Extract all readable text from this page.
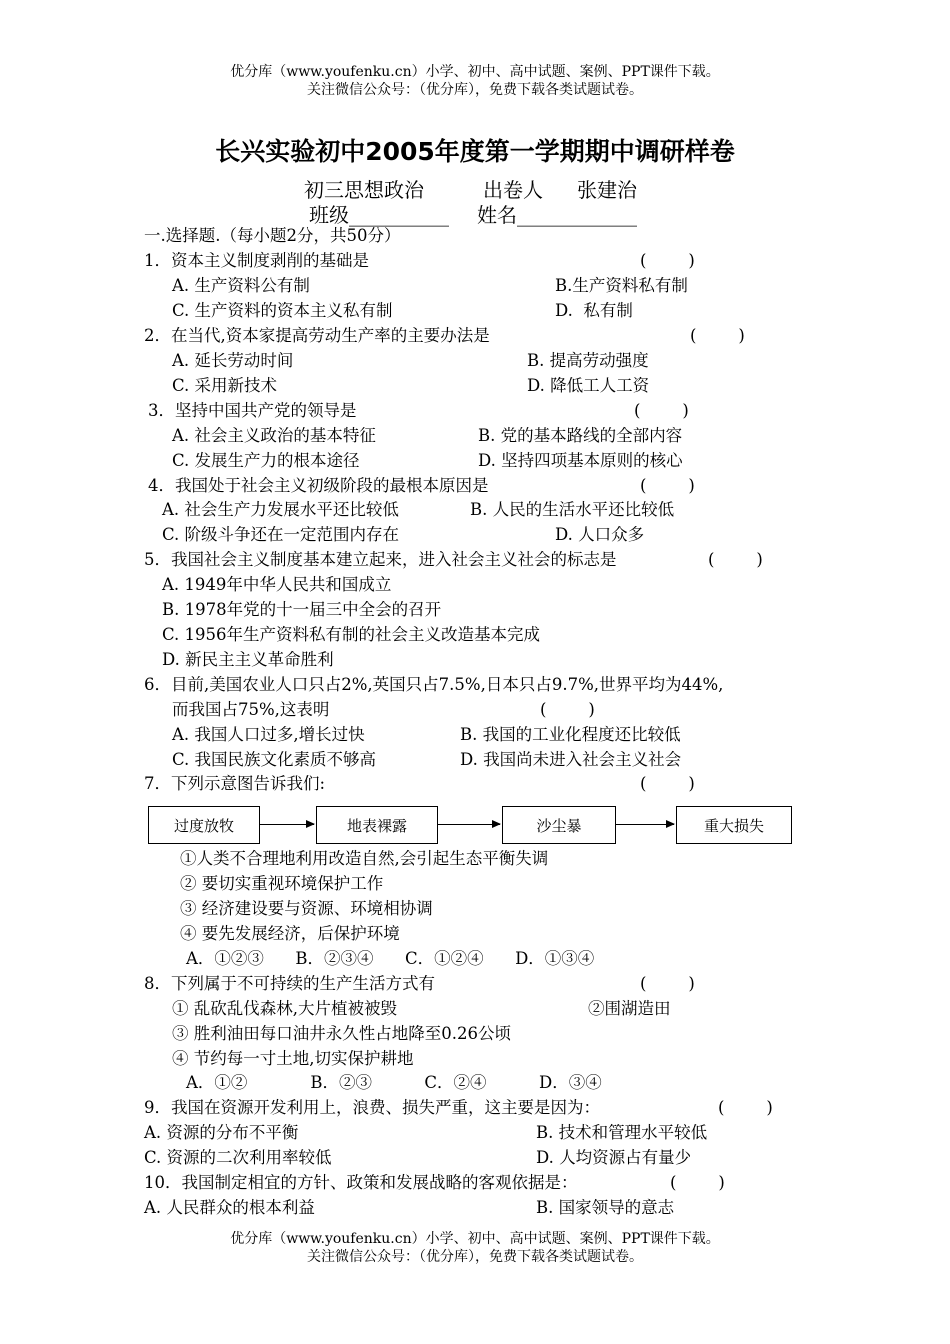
优分库（www.youfenku.cn）小学、初中、高中试题、案例、PPT课件下载。
关注微信公众号：（优分库），免费下载各类试题试卷。
长兴实验初中2005年度第一学期期中调研样卷
初三思想政治	出卷人 张建治
班级__________ 姓名____________
一.选择题.（每小题2分，共50分）
1．资本主义制度剥削的基础是	(        )
A. 生产资料公有制	B.生产资料私有制
C. 生产资料的资本主义私有制	D.  私有制
2．在当代,资本家提高劳动生产率的主要办法是	(        )
A. 延长劳动时间	B. 提高劳动强度
C. 采用新技术	D. 降低工人工资
3．坚持中国共产党的领导是	(        )
A. 社会主义政治的基本特征	B. 党的基本路线的全部内容
C. 发展生产力的根本途径	D. 坚持四项基本原则的核心
4．我国处于社会主义初级阶段的最根本原因是	(        )
A. 社会生产力发展水平还比较低	B. 人民的生活水平还比较低
C. 阶级斗争还在一定范围内存在	D. 人口众多
5．我国社会主义制度基本建立起来，进入社会主义社会的标志是	(        )
A. 1949年中华人民共和国成立
B. 1978年党的十一届三中全会的召开
C. 1956年生产资料私有制的社会主义改造基本完成
D. 新民主主义革命胜利
6．目前,美国农业人口只占2%,英国只占7.5%,日本只占9.7%,世界平均为44%,
而我国占75%,这表明	(        )
A. 我国人口过多,增长过快	B. 我国的工业化程度还比较低
C. 我国民族文化素质不够高	D. 我国尚未进入社会主义社会
7．下列示意图告诉我们:	(        )
过度放牧	地表裸露	沙尘暴	重大损失
①人类不合理地利用改造自然,会引起生态平衡失调
② 要切实重视环境保护工作
③ 经济建设要与资源、环境相协调
④ 要先发展经济，后保护环境
A．①②③      B．②③④      C．①②④      D．①③④
8．下列属于不可持续的生产生活方式有	(        )
① 乱砍乱伐森林,大片植被被毁	②围湖造田
③ 胜利油田每口油井永久性占地降至0.26公顷
④ 节约每一寸土地,切实保护耕地
A．①②            B．②③          C．②④          D．③④
9．我国在资源开发利用上，浪费、损失严重，这主要是因为：	(        )
A. 资源的分布不平衡	B. 技术和管理水平较低
C. 资源的二次利用率较低	D. 人均资源占有量少
10．我国制定相宜的方针、政策和发展战略的客观依据是：	(        )
A. 人民群众的根本利益	B. 国家领导的意志
优分库（www.youfenku.cn）小学、初中、高中试题、案例、PPT课件下载。
关注微信公众号：（优分库），免费下载各类试题试卷。
